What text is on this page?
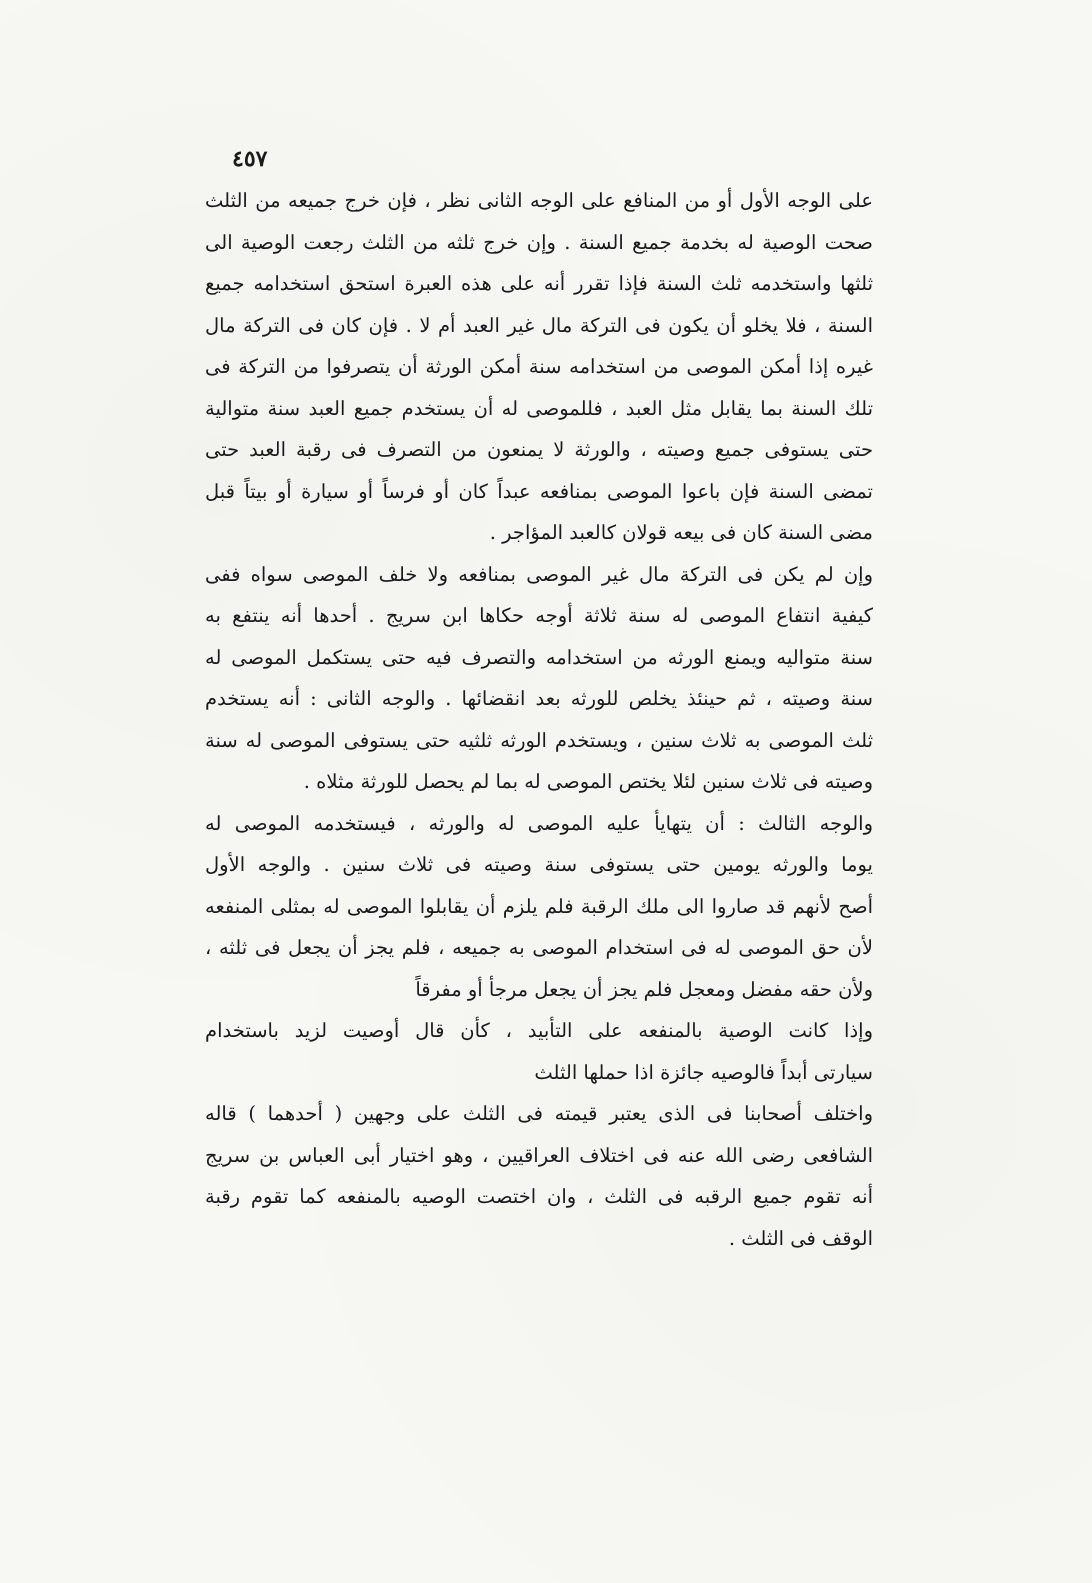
٤٥٧
على الوجه الأول أو من المنافع على الوجه الثانى نظر ، فإن خرج جميعه من الثلث
صحت الوصية له بخدمة جميع السنة . وإن خرج ثلثه من الثلث رجعت الوصية الى
ثلثها واستخدمه ثلث السنة فإذا تقرر أنه على هذه العبرة استحق استخدامه جميع
السنة ، فلا يخلو أن يكون فى التركة مال غير العبد أم لا . فإن كان فى التركة مال
غيره إذا أمكن الموصى من استخدامه سنة أمكن الورثة أن يتصرفوا من التركة فى
تلك السنة بما يقابل مثل العبد ، فللموصى له أن يستخدم جميع العبد سنة متوالية
حتى يستوفى جميع وصيته ، والورثة لا يمنعون من التصرف فى رقبة العبد حتى
تمضى السنة فإن باعوا الموصى بمنافعه عبداً كان أو فرساً أو سيارة أو بيتاً قبل
مضى السنة كان فى بيعه قولان كالعبد المؤاجر .
وإن لم يكن فى التركة مال غير الموصى بمنافعه ولا خلف الموصى سواه ففى
كيفية انتفاع الموصى له سنة ثلاثة أوجه حكاها ابن سريج . أحدها أنه ينتفع به
سنة متواليه ويمنع الورثه من استخدامه والتصرف فيه حتى يستكمل الموصى له
سنة وصيته ، ثم حينئذ يخلص للورثه بعد انقضائها . والوجه الثانى : أنه يستخدم
ثلث الموصى به ثلاث سنين ، ويستخدم الورثه ثلثيه حتى يستوفى الموصى له سنة
وصيته فى ثلاث سنين لئلا يختص الموصى له بما لم يحصل للورثة مثلاه .
والوجه الثالث : أن يتهايأ عليه الموصى له والورثه ، فيستخدمه الموصى له
يوما والورثه يومين حتى يستوفى سنة وصيته فى ثلاث سنين . والوجه الأول
أصح لأنهم قد صاروا الى ملك الرقبة فلم يلزم أن يقابلوا الموصى له بمثلى المنفعه
لأن حق الموصى له فى استخدام الموصى به جميعه ، فلم يجز أن يجعل فى ثلثه ،
ولأن حقه مفضل ومعجل فلم يجز أن يجعل مرجأ أو مفرقاً
وإذا كانت الوصية بالمنفعه على التأبيد ، كأن قال أوصيت لزيد باستخدام
سيارتى أبداً فالوصيه جائزة اذا حملها الثلث
واختلف أصحابنا فى الذى يعتبر قيمته فى الثلث على وجهين ( أحدهما ) قاله
الشافعى رضى الله عنه فى اختلاف العراقيين ، وهو اختيار أبى العباس بن سريج
أنه تقوم جميع الرقبه فى الثلث ، وان اختصت الوصيه بالمنفعه كما تقوم رقبة
الوقف فى الثلث .
